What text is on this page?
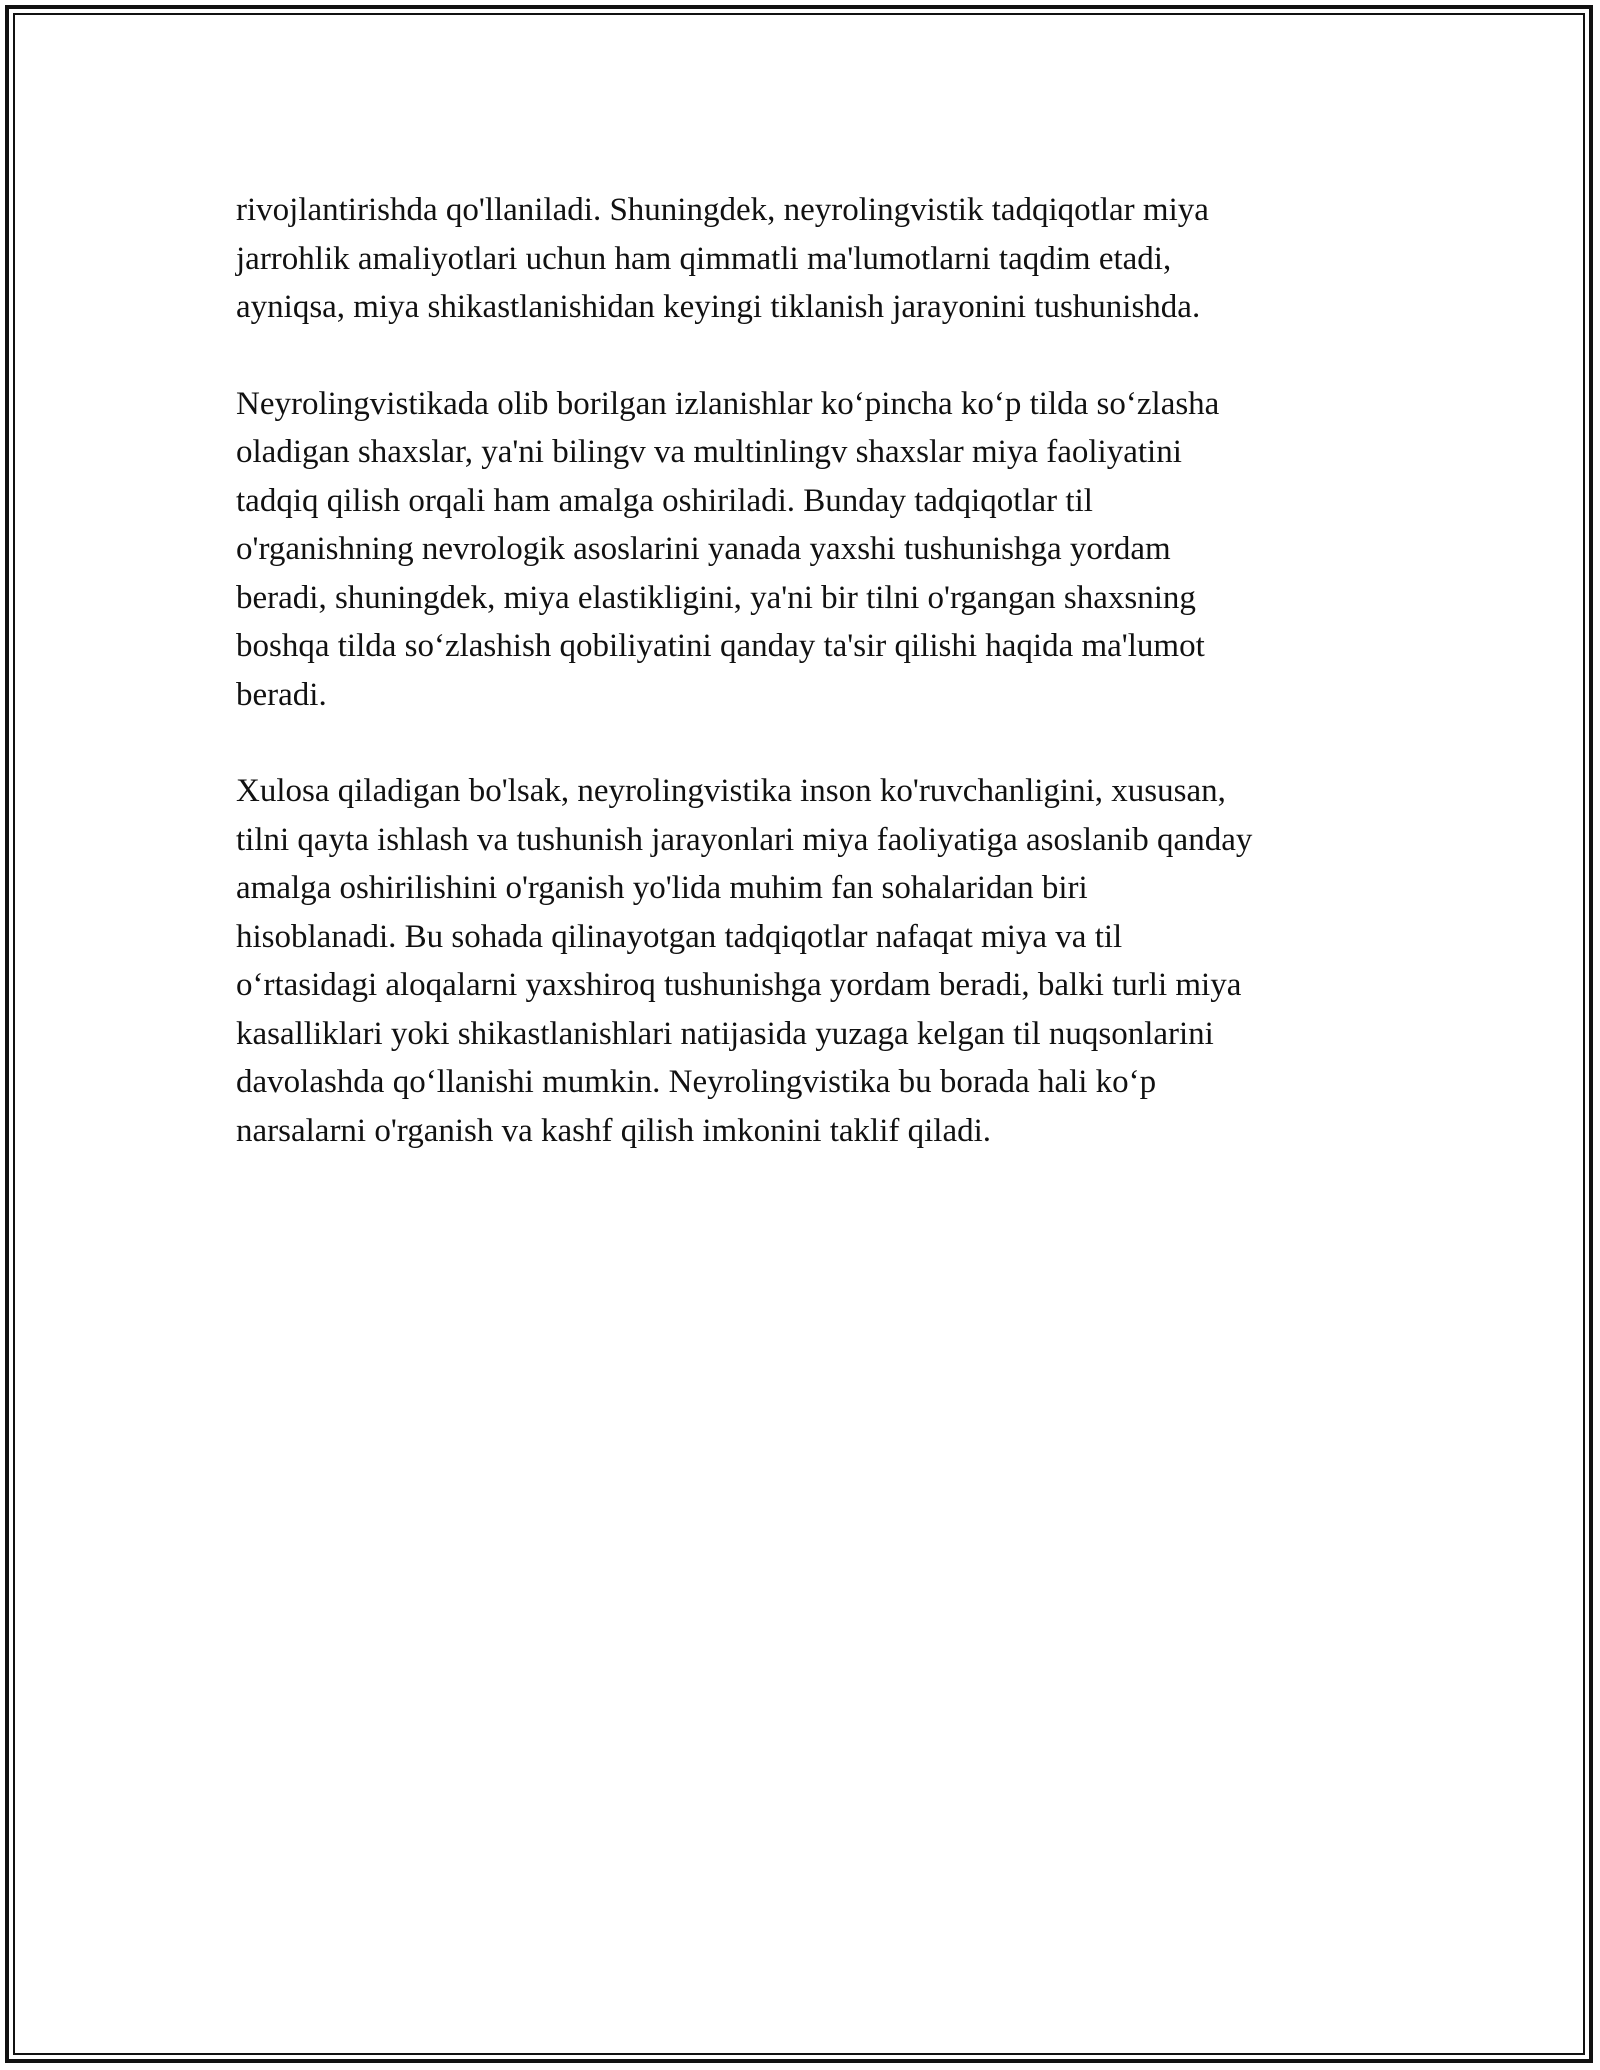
rivojlantirishda qo'llaniladi. Shuningdek, neyrolingvistik tadqiqotlar miya
jarrohlik amaliyotlari uchun ham qimmatli ma'lumotlarni taqdim etadi,
ayniqsa, miya shikastlanishidan keyingi tiklanish jarayonini tushunishda.

Neyrolingvistikada olib borilgan izlanishlar ko‘pincha ko‘p tilda so‘zlasha
oladigan shaxslar, ya'ni bilingv va multinlingv shaxslar miya faoliyatini
tadqiq qilish orqali ham amalga oshiriladi. Bunday tadqiqotlar til
o'rganishning nevrologik asoslarini yanada yaxshi tushunishga yordam
beradi, shuningdek, miya elastikligini, ya'ni bir tilni o'rgangan shaxsning
boshqa tilda so‘zlashish qobiliyatini qanday ta'sir qilishi haqida ma'lumot
beradi.

Xulosa qiladigan bo'lsak, neyrolingvistika inson ko'ruvchanligini, xususan,
tilni qayta ishlash va tushunish jarayonlari miya faoliyatiga asoslanib qanday
amalga oshirilishini o'rganish yo'lida muhim fan sohalaridan biri
hisoblanadi. Bu sohada qilinayotgan tadqiqotlar nafaqat miya va til
o‘rtasidagi aloqalarni yaxshiroq tushunishga yordam beradi, balki turli miya
kasalliklari yoki shikastlanishlari natijasida yuzaga kelgan til nuqsonlarini
davolashda qo‘llanishi mumkin. Neyrolingvistika bu borada hali ko‘p
narsalarni o'rganish va kashf qilish imkonini taklif qiladi.
